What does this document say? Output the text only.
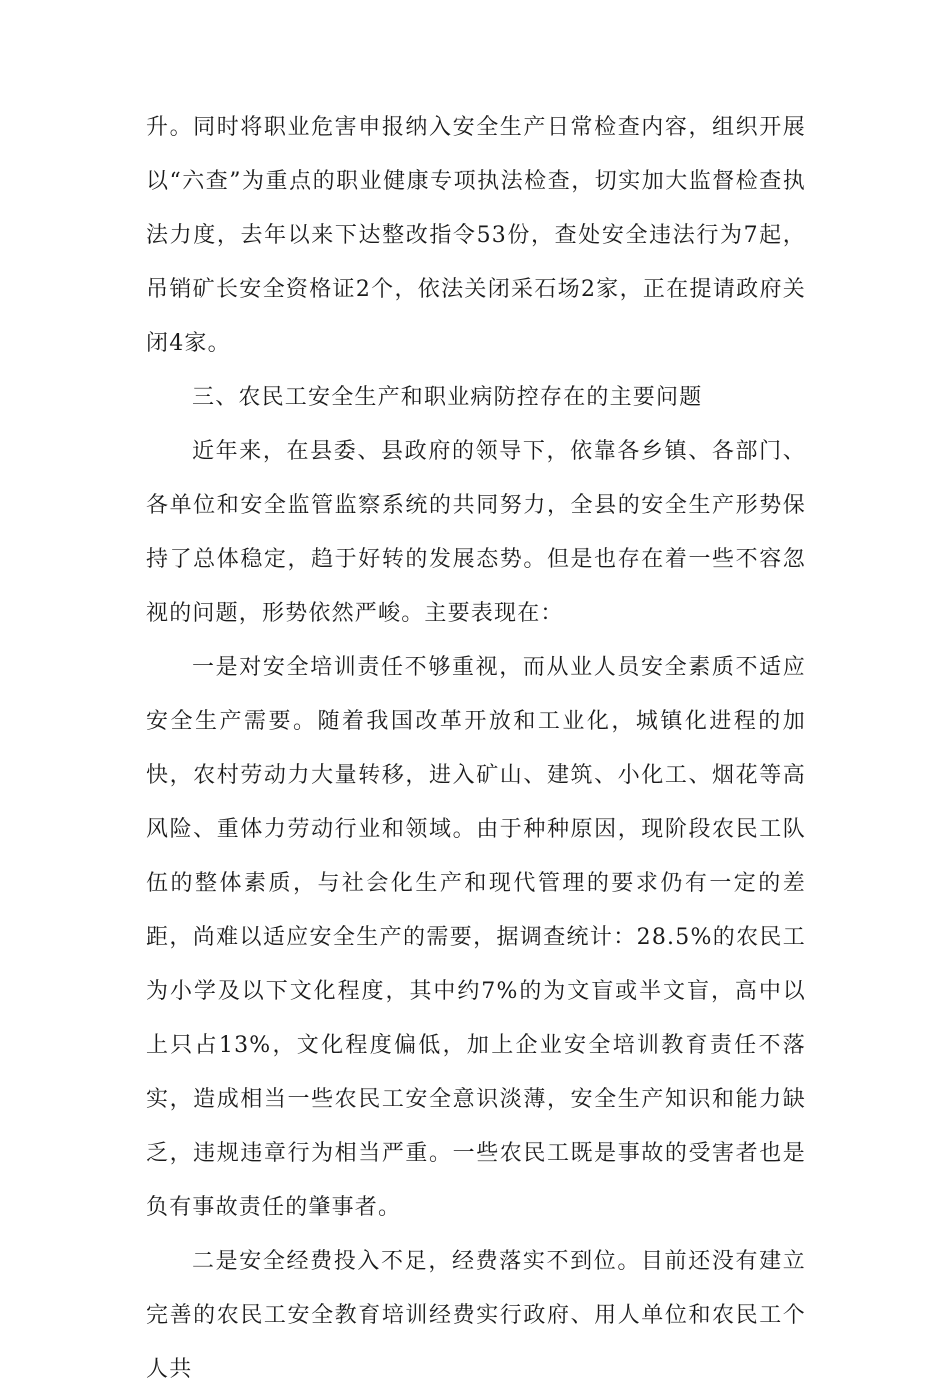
升。同时将职业危害申报纳入安全生产日常检查内容，组织开展以“六查”为重点的职业健康专项执法检查，切实加大监督检查执法力度，去年以来下达整改指令53份，查处安全违法行为7起，吊销矿长安全资格证2个，依法关闭采石场2家，正在提请政府关闭4家。

三、农民工安全生产和职业病防控存在的主要问题

近年来，在县委、县政府的领导下，依靠各乡镇、各部门、各单位和安全监管监察系统的共同努力，全县的安全生产形势保持了总体稳定，趋于好转的发展态势。但是也存在着一些不容忽视的问题，形势依然严峻。主要表现在：

一是对安全培训责任不够重视，而从业人员安全素质不适应安全生产需要。随着我国改革开放和工业化，城镇化进程的加快，农村劳动力大量转移，进入矿山、建筑、小化工、烟花等高风险、重体力劳动行业和领域。由于种种原因，现阶段农民工队伍的整体素质，与社会化生产和现代管理的要求仍有一定的差距，尚难以适应安全生产的需要，据调查统计：28.5%的农民工为小学及以下文化程度，其中约7%的为文盲或半文盲，高中以上只占13%，文化程度偏低，加上企业安全培训教育责任不落实，造成相当一些农民工安全意识淡薄，安全生产知识和能力缺乏，违规违章行为相当严重。一些农民工既是事故的受害者也是负有事故责任的肇事者。

二是安全经费投入不足，经费落实不到位。目前还没有建立完善的农民工安全教育培训经费实行政府、用人单位和农民工个人共
